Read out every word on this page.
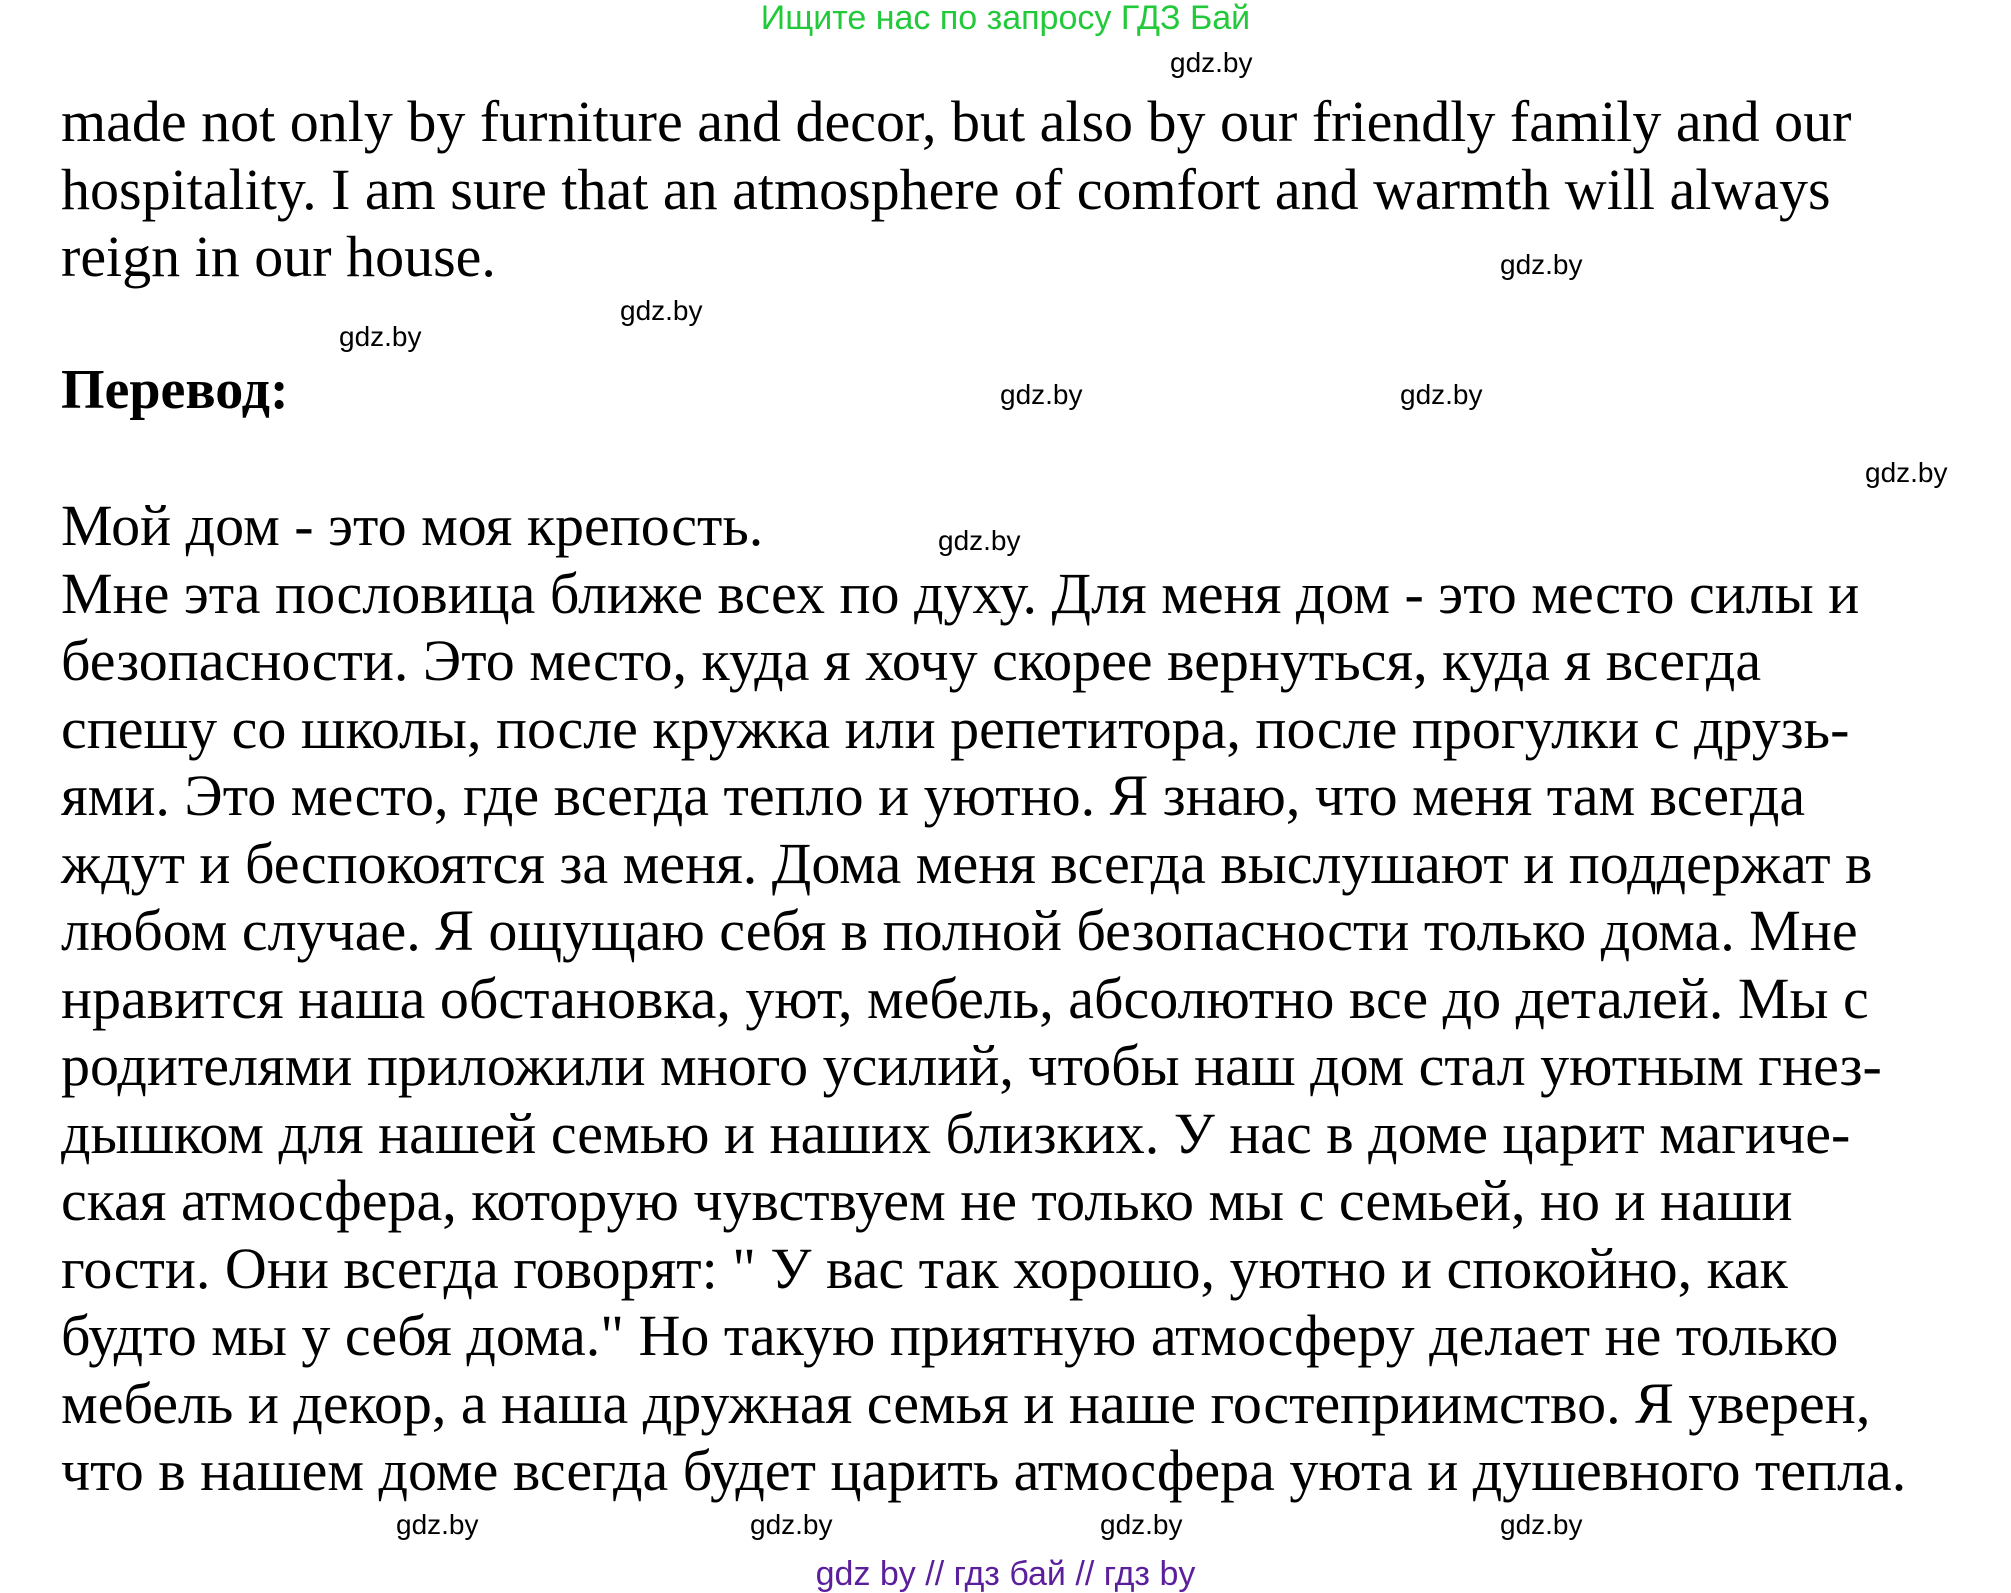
Ищите нас по запросу ГДЗ Бай
made not only by furniture and decor, but also by our friendly family and our
hospitality. I am sure that an atmosphere of comfort and warmth will always
reign in our house.
Перевод:
Мой дом - это моя крепость.
Мне эта пословица ближе всех по духу. Для меня дом - это место силы и
безопасности. Это место, куда я хочу скорее вернуться, куда я всегда
спешу со школы, после кружка или репетитора, после прогулки с друзь-
ями. Это место, где всегда тепло и уютно. Я знаю, что меня там всегда
ждут и беспокоятся за меня. Дома меня всегда выслушают и поддержат в
любом случае. Я ощущаю себя в полной безопасности только дома. Мне
нравится наша обстановка, уют, мебель, абсолютно все до деталей. Мы с
родителями приложили много усилий, чтобы наш дом стал уютным гнез-
дышком для нашей семью и наших близких. У нас в доме царит магиче-
ская атмосфера, которую чувствуем не только мы с семьей, но и наши
гости. Они всегда говорят: " У вас так хорошо, уютно и спокойно, как
будто мы у себя дома." Но такую приятную атмосферу делает не только
мебель и декор, а наша дружная семья и наше гостеприимство. Я уверен,
что в нашем доме всегда будет царить атмосфера уюта и душевного тепла.
gdz.by
gdz.by
gdz.by
gdz.by
gdz.by
gdz.by
gdz.by	gdz.by
gdz.by	gdz.by	gdz.by	gdz.by
gdz by // гдз бай // гдз by
